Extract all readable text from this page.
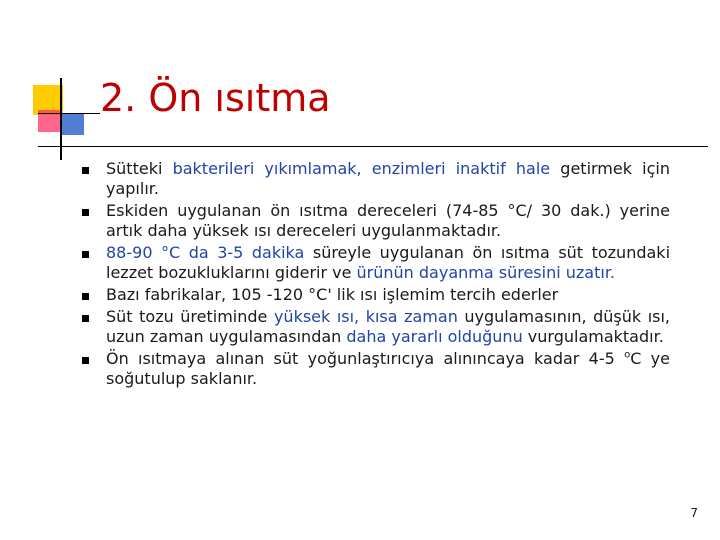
2. Ön ısıtma
Sütteki bakterileri yıkımlamak, enzimleri inaktif hale getirmek için yapılır.
Eskiden uygulanan ön ısıtma dereceleri (74-85 °C/ 30 dak.) yerine artık daha yüksek ısı dereceleri uygulanmaktadır.
88-90 °C da 3-5 dakika süreyle uygulanan ön ısıtma süt tozundaki lezzet bozukluklarını giderir ve ürünün dayanma süresini uzatır.
Bazı fabrikalar, 105 -120 °C' lik ısı işlemim tercih ederler
Süt tozu üretiminde yüksek ısı, kısa zaman uygulamasının, düşük ısı, uzun zaman uygulamasından daha yararlı olduğunu vurgulamaktadır.
Ön ısıtmaya alınan süt yoğunlaştırıcıya alınıncaya kadar 4-5 $^o$C ye soğutulup saklanır.
7
